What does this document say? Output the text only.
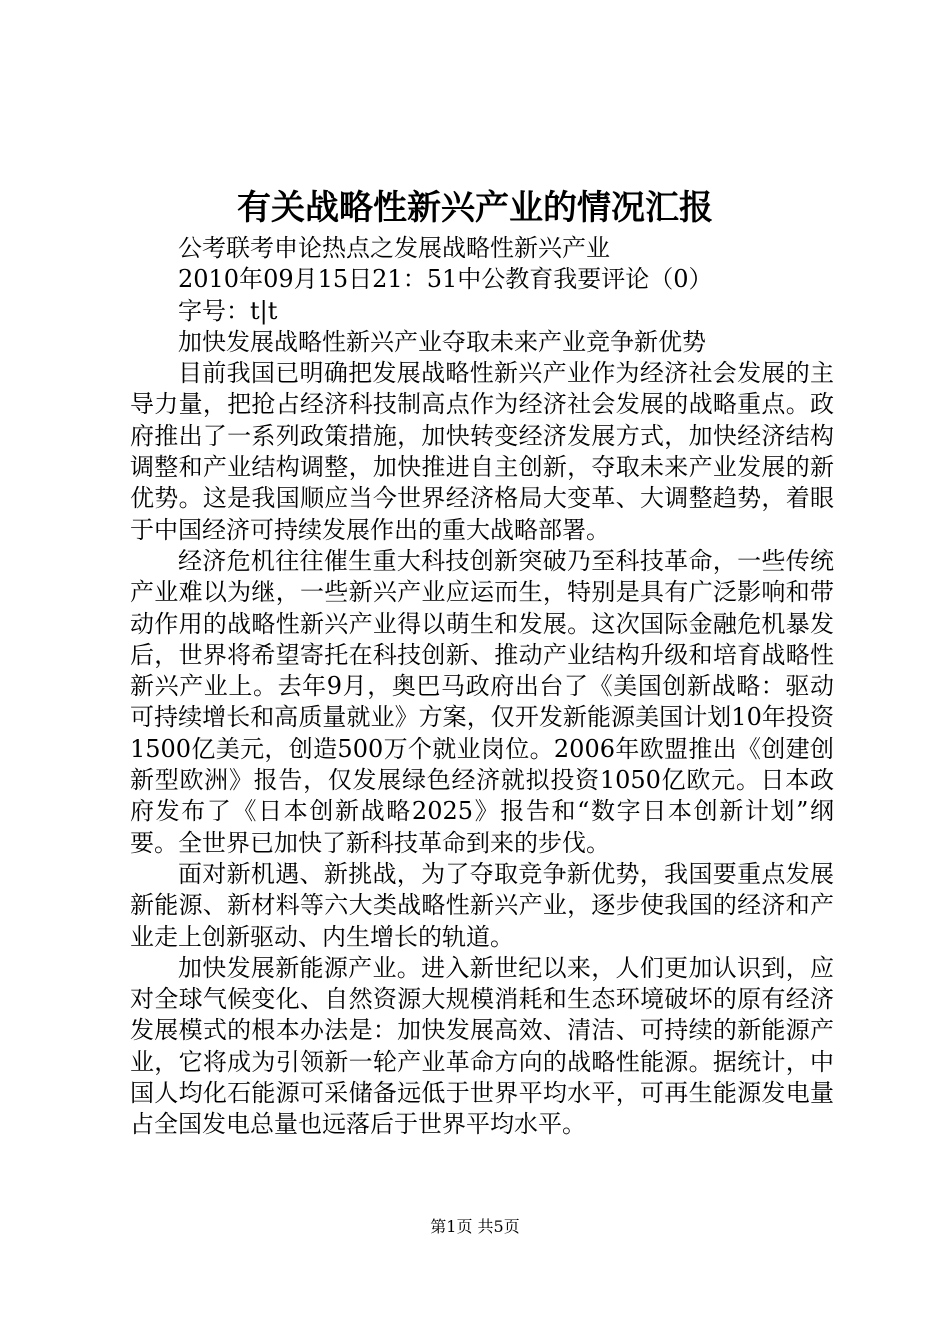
有关战略性新兴产业的情况汇报

公考联考申论热点之发展战略性新兴产业

2010年09月15日21：51中公教育我要评论（0）

字号：t|t

加快发展战略性新兴产业夺取未来产业竞争新优势

目前我国已明确把发展战略性新兴产业作为经济社会发展的主导力量，把抢占经济科技制高点作为经济社会发展的战略重点。政府推出了一系列政策措施，加快转变经济发展方式，加快经济结构调整和产业结构调整，加快推进自主创新，夺取未来产业发展的新优势。这是我国顺应当今世界经济格局大变革、大调整趋势，着眼于中国经济可持续发展作出的重大战略部署。

经济危机往往催生重大科技创新突破乃至科技革命，一些传统产业难以为继，一些新兴产业应运而生，特别是具有广泛影响和带动作用的战略性新兴产业得以萌生和发展。这次国际金融危机暴发后，世界将希望寄托在科技创新、推动产业结构升级和培育战略性新兴产业上。去年9月，奥巴马政府出台了《美国创新战略：驱动可持续增长和高质量就业》方案，仅开发新能源美国计划10年投资1500亿美元，创造500万个就业岗位。2006年欧盟推出《创建创新型欧洲》报告，仅发展绿色经济就拟投资1050亿欧元。日本政府发布了《日本创新战略2025》报告和“数字日本创新计划”纲要。全世界已加快了新科技革命到来的步伐。

面对新机遇、新挑战，为了夺取竞争新优势，我国要重点发展新能源、新材料等六大类战略性新兴产业，逐步使我国的经济和产业走上创新驱动、内生增长的轨道。

加快发展新能源产业。进入新世纪以来，人们更加认识到，应对全球气候变化、自然资源大规模消耗和生态环境破坏的原有经济发展模式的根本办法是：加快发展高效、清洁、可持续的新能源产业，它将成为引领新一轮产业革命方向的战略性能源。据统计，中国人均化石能源可采储备远低于世界平均水平，可再生能源发电量占全国发电总量也远落后于世界平均水平。

第1页 共5页
